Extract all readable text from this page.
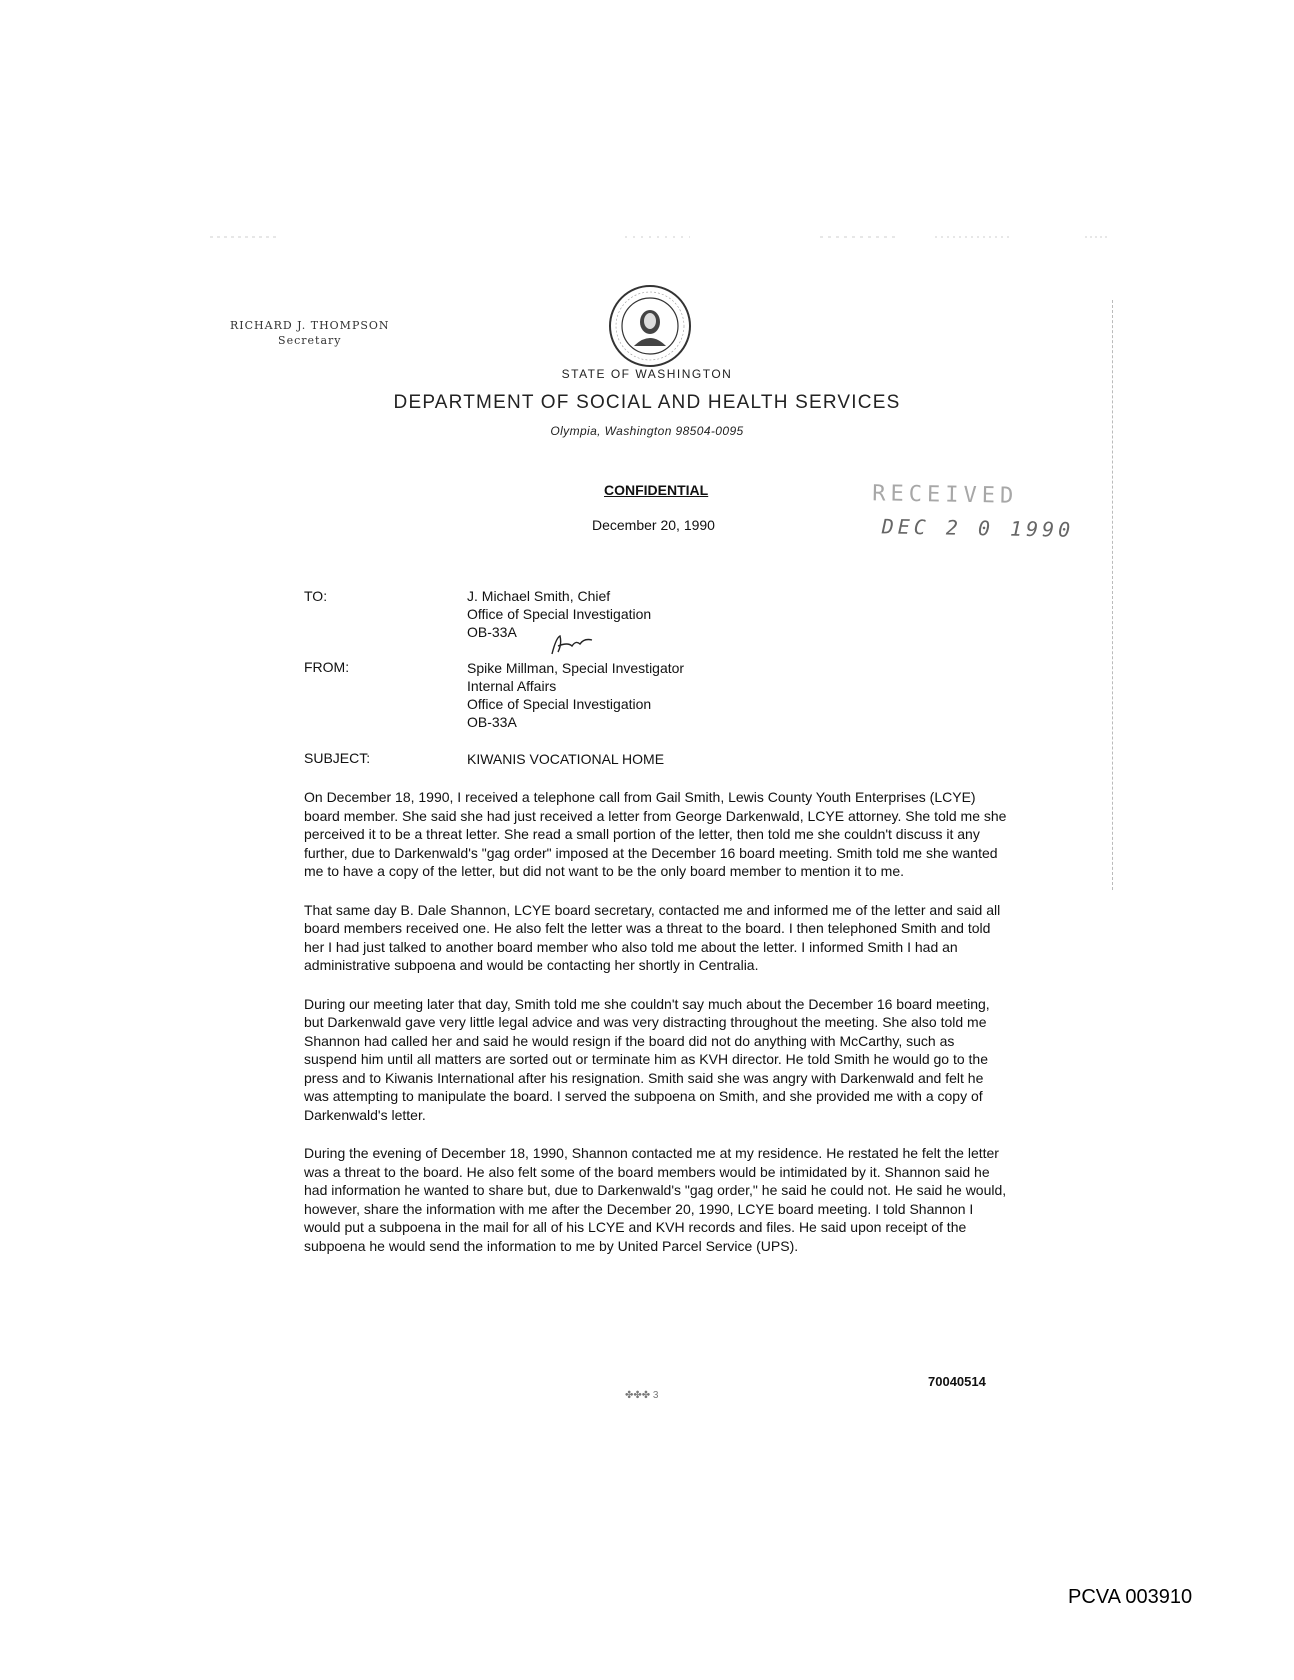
RICHARD J. THOMPSON
Secretary
STATE OF WASHINGTON
DEPARTMENT OF SOCIAL AND HEALTH SERVICES
Olympia, Washington 98504-0095
CONFIDENTIAL
December 20, 1990
RECEIVED
DEC 2 0 1990
TO:	J. Michael Smith, Chief
Office of Special Investigation
OB-33A
FROM:	Spike Millman, Special Investigator
Internal Affairs
Office of Special Investigation
OB-33A
SUBJECT:	KIWANIS VOCATIONAL HOME

On December 18, 1990, I received a telephone call from Gail Smith, Lewis County Youth Enterprises (LCYE) board member. She said she had just received a letter from George Darkenwald, LCYE attorney. She told me she perceived it to be a threat letter. She read a small portion of the letter, then told me she couldn't discuss it any further, due to Darkenwald's "gag order" imposed at the December 16 board meeting. Smith told me she wanted me to have a copy of the letter, but did not want to be the only board member to mention it to me.

That same day B. Dale Shannon, LCYE board secretary, contacted me and informed me of the letter and said all board members received one. He also felt the letter was a threat to the board. I then telephoned Smith and told her I had just talked to another board member who also told me about the letter. I informed Smith I had an administrative subpoena and would be contacting her shortly in Centralia.

During our meeting later that day, Smith told me she couldn't say much about the December 16 board meeting, but Darkenwald gave very little legal advice and was very distracting throughout the meeting. She also told me Shannon had called her and said he would resign if the board did not do anything with McCarthy, such as suspend him until all matters are sorted out or terminate him as KVH director. He told Smith he would go to the press and to Kiwanis International after his resignation. Smith said she was angry with Darkenwald and felt he was attempting to manipulate the board. I served the subpoena on Smith, and she provided me with a copy of Darkenwald's letter.

During the evening of December 18, 1990, Shannon contacted me at my residence. He restated he felt the letter was a threat to the board. He also felt some of the board members would be intimidated by it. Shannon said he had information he wanted to share but, due to Darkenwald's "gag order," he said he could not. He said he would, however, share the information with me after the December 20, 1990, LCYE board meeting. I told Shannon I would put a subpoena in the mail for all of his LCYE and KVH records and files. He said upon receipt of the subpoena he would send the information to me by United Parcel Service (UPS).

70040514
✤✤✤ 3
PCVA 003910
